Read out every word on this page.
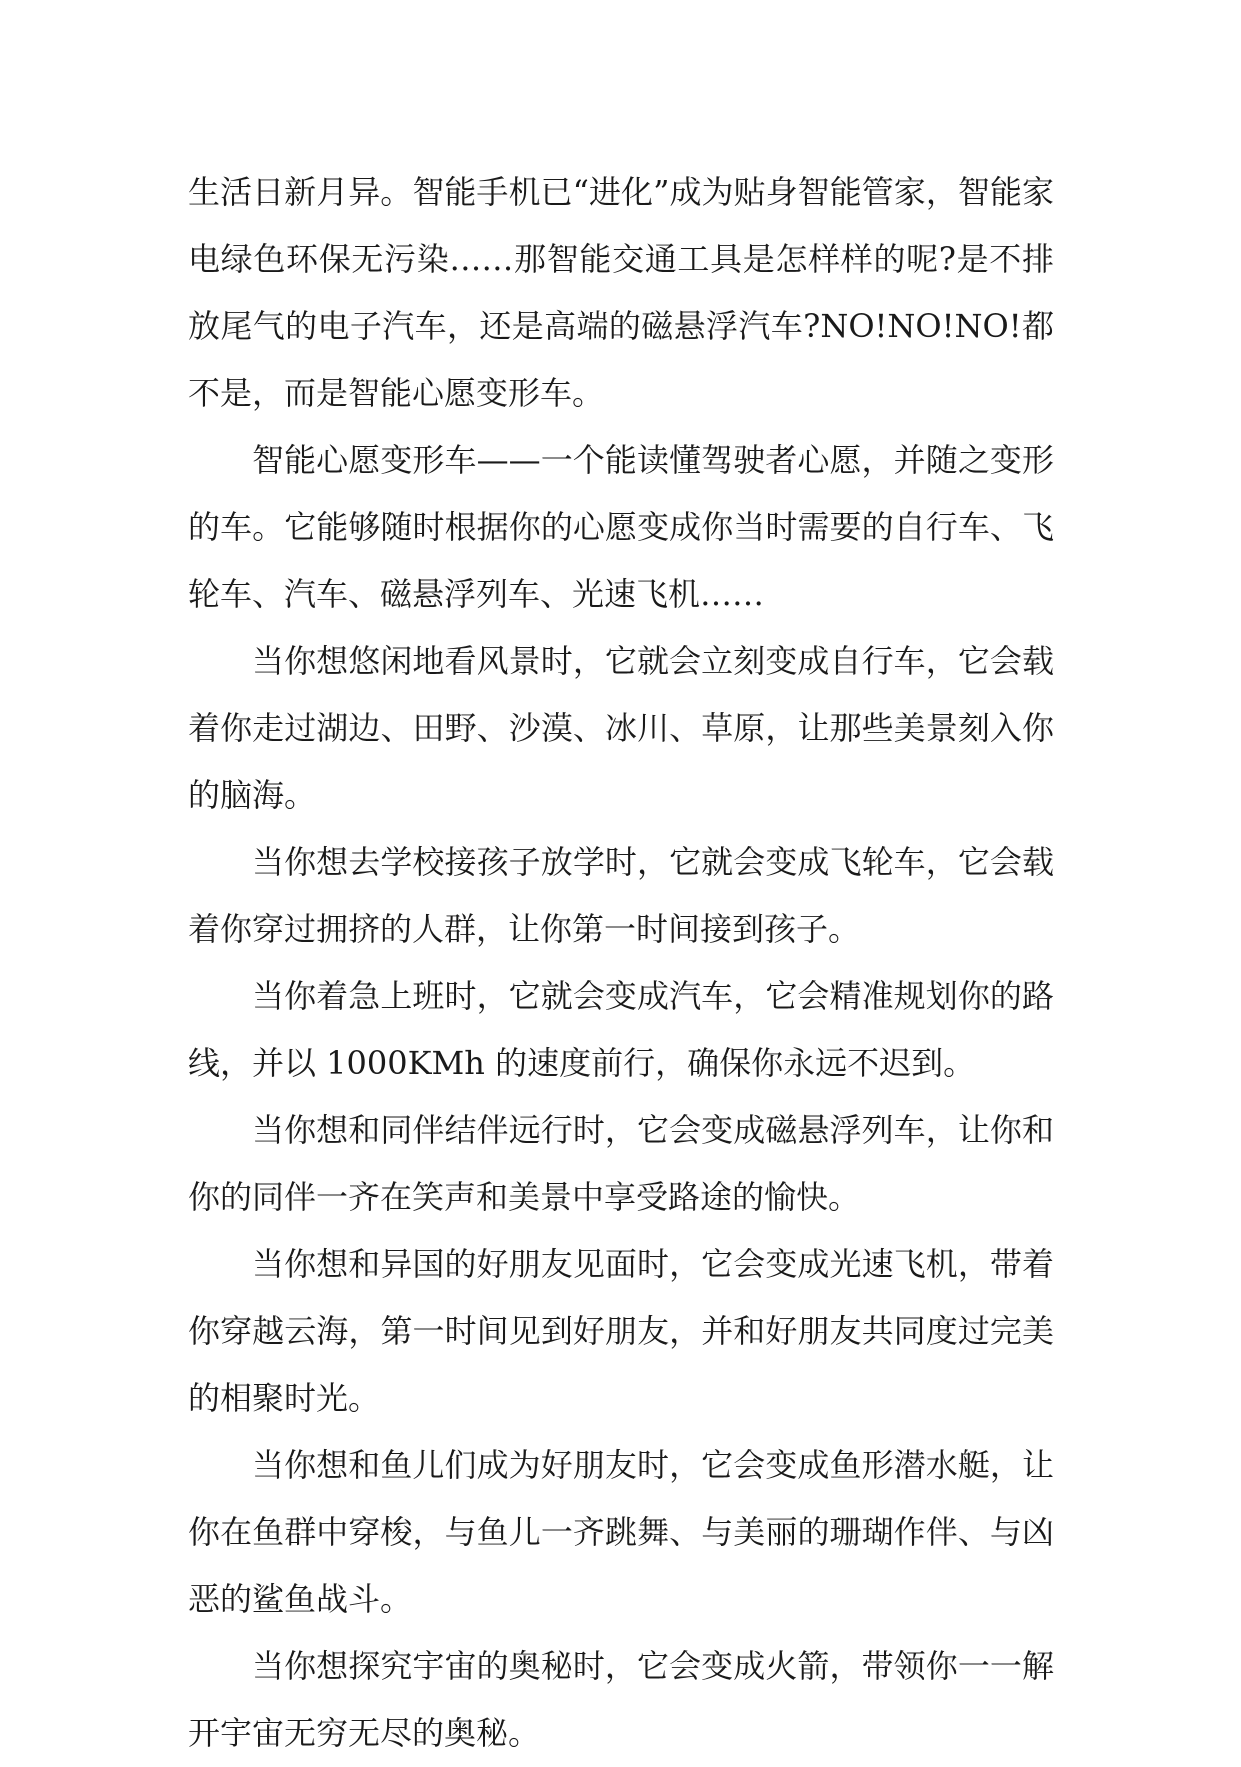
生活日新月异。智能手机已“进化”成为贴身智能管家，智能家电绿色环保无污染……那智能交通工具是怎样样的呢?是不排放尾气的电子汽车，还是高端的磁悬浮汽车?NO!NO!NO!都不是，而是智能心愿变形车。

智能心愿变形车——一个能读懂驾驶者心愿，并随之变形的车。它能够随时根据你的心愿变成你当时需要的自行车、飞轮车、汽车、磁悬浮列车、光速飞机……

当你想悠闲地看风景时，它就会立刻变成自行车，它会载着你走过湖边、田野、沙漠、冰川、草原，让那些美景刻入你的脑海。

当你想去学校接孩子放学时，它就会变成飞轮车，它会载着你穿过拥挤的人群，让你第一时间接到孩子。

当你着急上班时，它就会变成汽车，它会精准规划你的路线，并以 1000KMh 的速度前行，确保你永远不迟到。

当你想和同伴结伴远行时，它会变成磁悬浮列车，让你和你的同伴一齐在笑声和美景中享受路途的愉快。

当你想和异国的好朋友见面时，它会变成光速飞机，带着你穿越云海，第一时间见到好朋友，并和好朋友共同度过完美的相聚时光。

当你想和鱼儿们成为好朋友时，它会变成鱼形潜水艇，让你在鱼群中穿梭，与鱼儿一齐跳舞、与美丽的珊瑚作伴、与凶恶的鲨鱼战斗。

当你想探究宇宙的奥秘时，它会变成火箭，带领你一一解开宇宙无穷无尽的奥秘。
